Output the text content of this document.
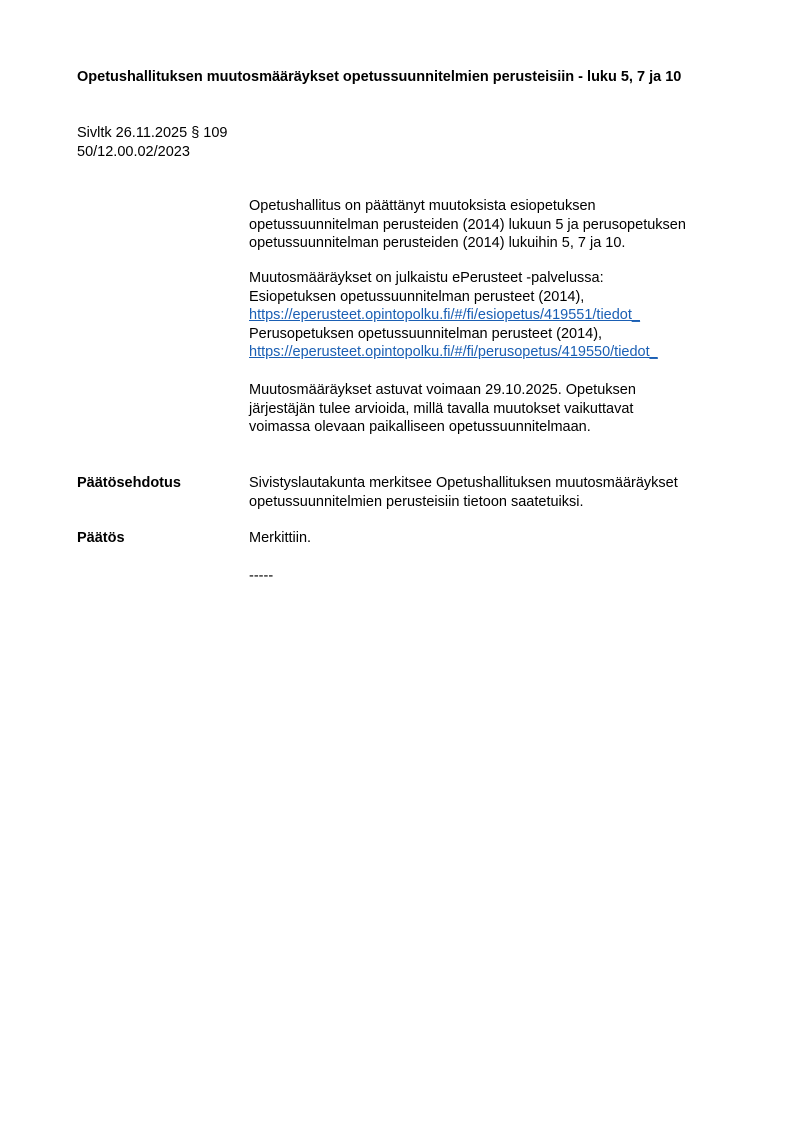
Opetushallituksen muutosmääräykset opetussuunnitelmien perusteisiin - luku 5, 7 ja 10
Sivltk 26.11.2025 § 109
50/12.00.02/2023

Opetushallitus on päättänyt muutoksista esiopetuksen
opetussuunnitelman perusteiden (2014) lukuun 5 ja perusopetuksen
opetussuunnitelman perusteiden (2014) lukuihin 5, 7 ja 10.

Muutosmääräykset on julkaistu ePerusteet -palvelussa:
Esiopetuksen opetussuunnitelman perusteet (2014),
https://eperusteet.opintopolku.fi/#/fi/esiopetus/419551/tiedot_
Perusopetuksen opetussuunnitelman perusteet (2014),
https://eperusteet.opintopolku.fi/#/fi/perusopetus/419550/tiedot_

Muutosmääräykset astuvat voimaan 29.10.2025. Opetuksen
järjestäjän tulee arvioida, millä tavalla muutokset vaikuttavat
voimassa olevaan paikalliseen opetussuunnitelmaan.

Päätösehdotus	Sivistyslautakunta merkitsee Opetushallituksen muutosmääräykset
opetussuunnitelmien perusteisiin tietoon saatetuiksi.

Päätös	Merkittiin.
-----
